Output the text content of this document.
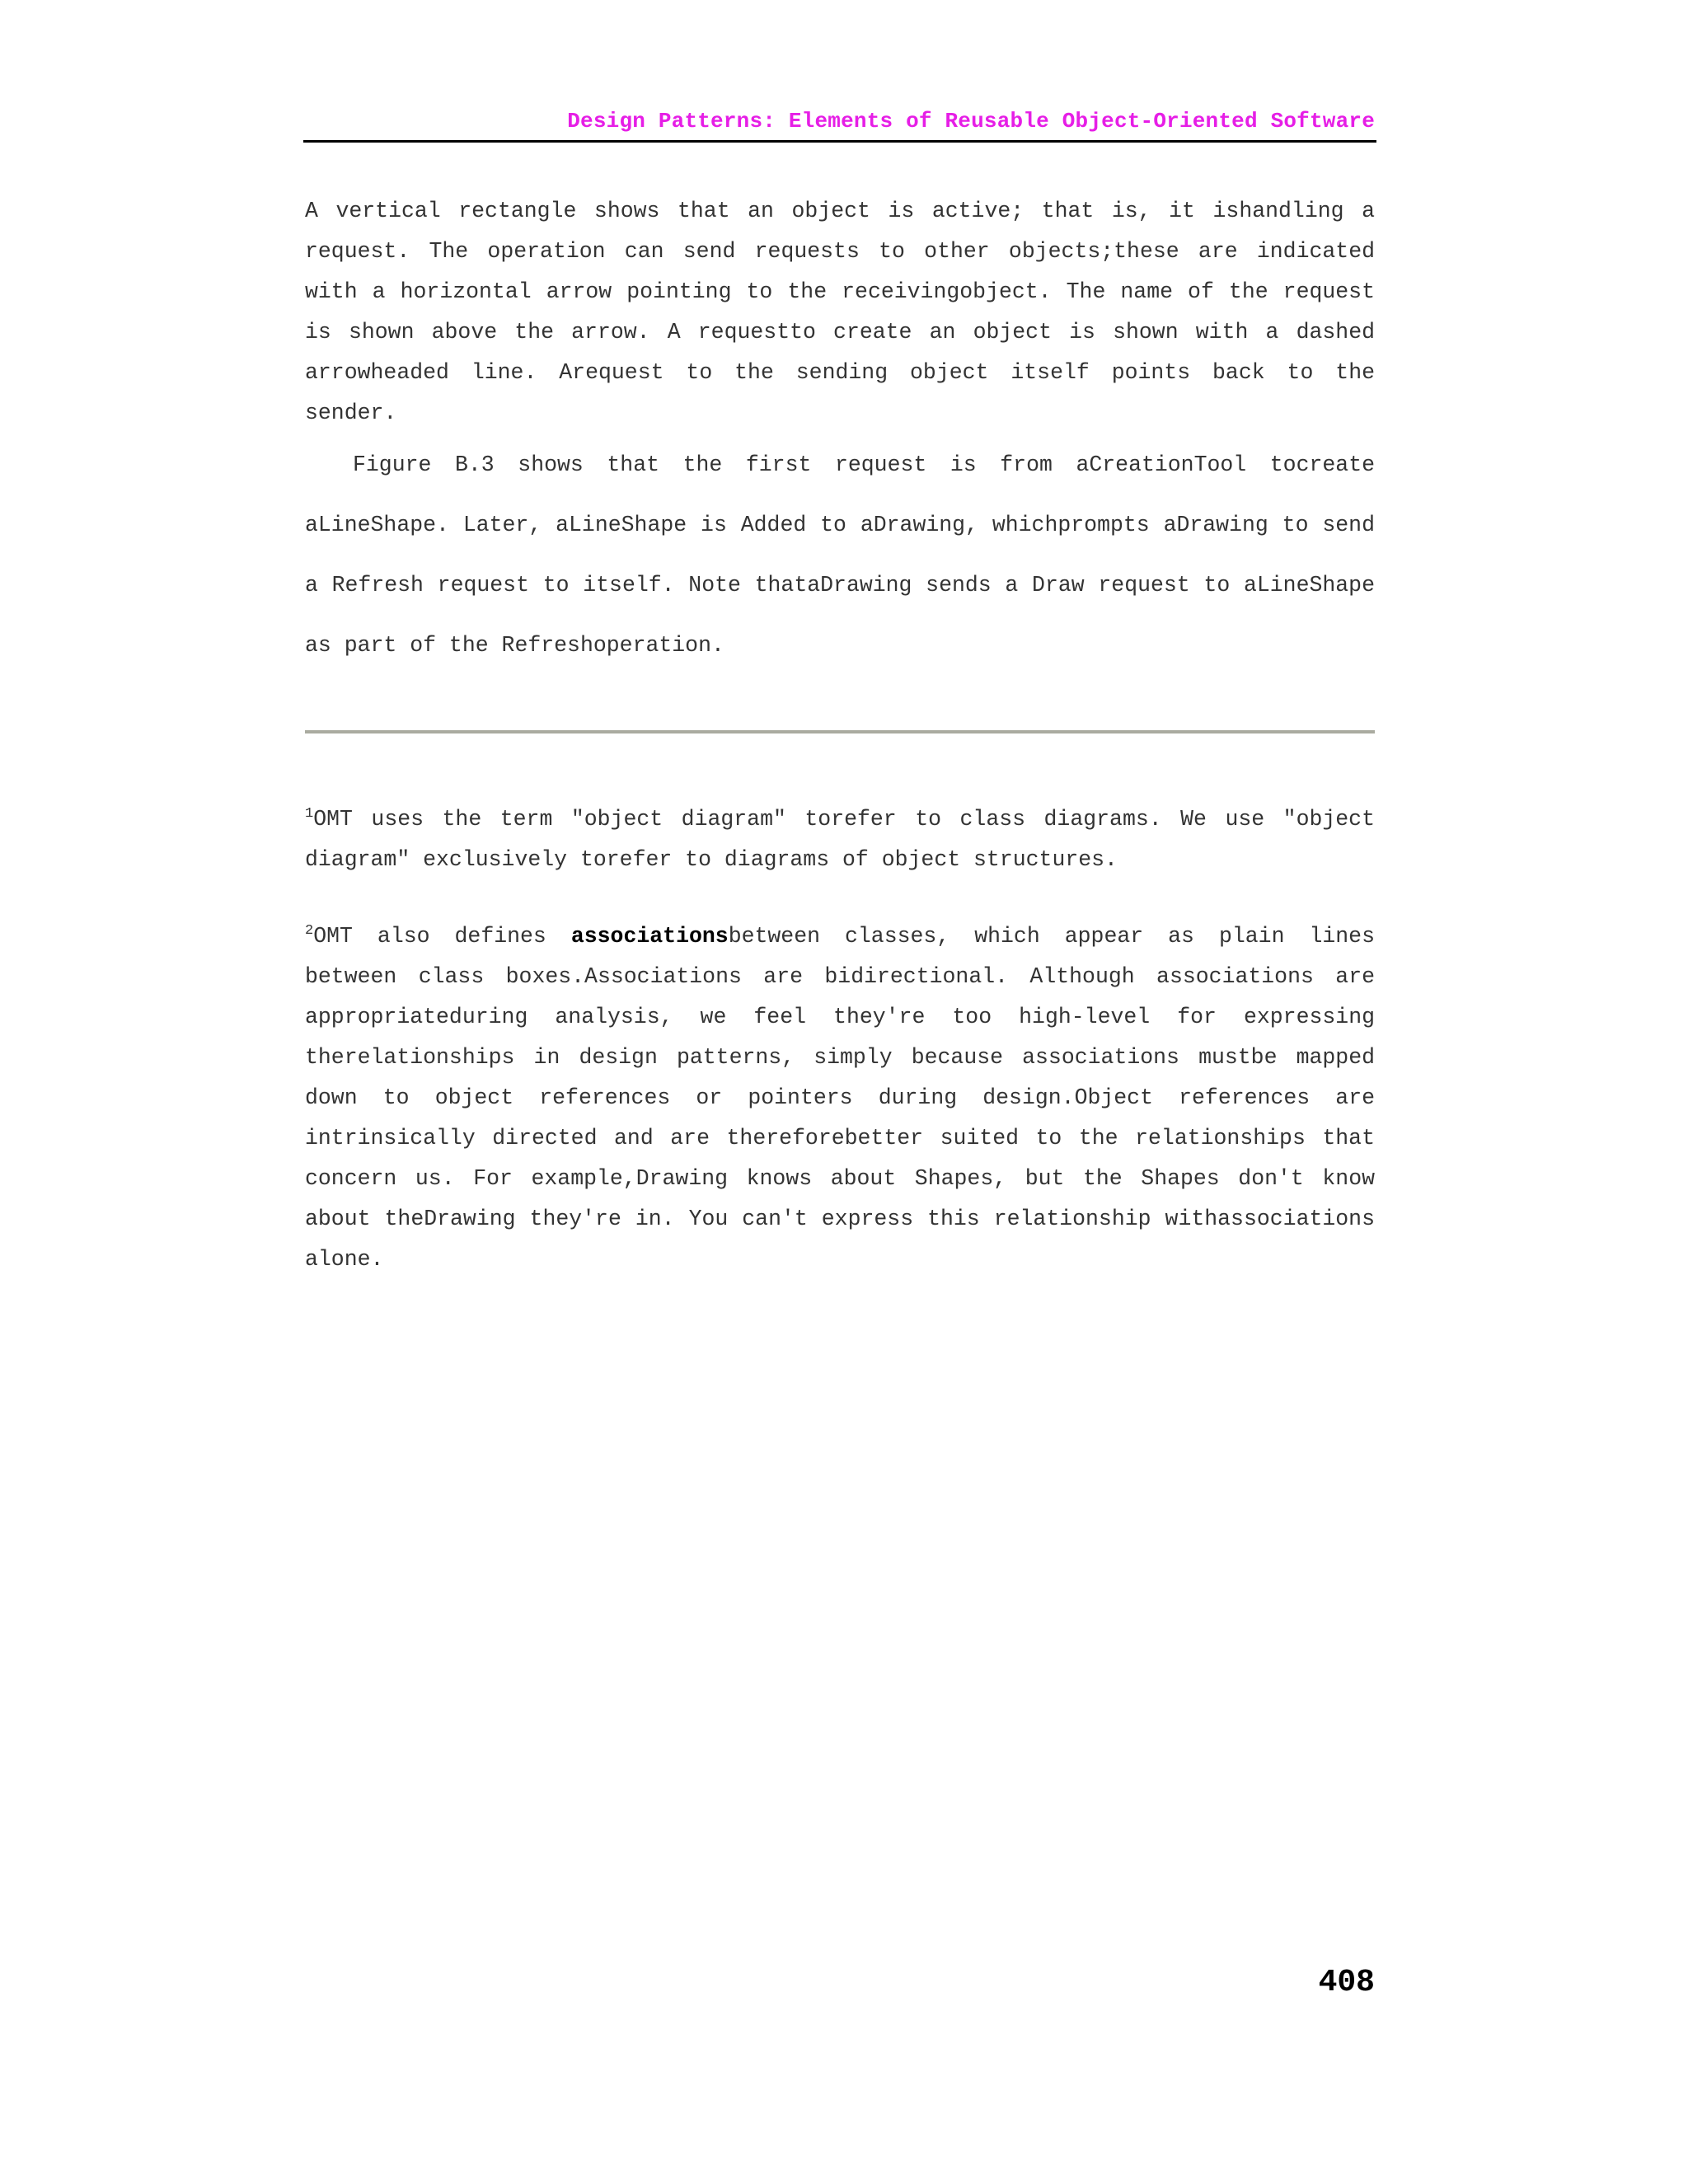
Design Patterns: Elements of Reusable Object-Oriented Software

A vertical rectangle shows that an object is active; that is, it ishandling a request. The operation can send requests to other objects;these are indicated with a horizontal arrow pointing to the receivingobject. The name of the request is shown above the arrow. A requestto create an object is shown with a dashed arrowheaded line. Arequest to the sending object itself points back to the sender.

Figure B.3 shows that the first request is from aCreationTool tocreate aLineShape. Later, aLineShape is Added to aDrawing, whichprompts aDrawing to send a Refresh request to itself. Note thataDrawing sends a Draw request to aLineShape as part of the Refreshoperation.

$^1$OMT uses the term "object diagram" torefer to class diagrams. We use "object diagram" exclusively torefer to diagrams of object structures.

$^2$OMT also defines associationsbetween classes, which appear as plain lines between class boxes.Associations are bidirectional. Although associations are appropriateduring analysis, we feel they're too high-level for expressing therelationships in design patterns, simply because associations mustbe mapped down to object references or pointers during design.Object references are intrinsically directed and are thereforebetter suited to the relationships that concern us. For example,Drawing knows about Shapes, but the Shapes don't know about theDrawing they're in. You can't express this relationship withassociations alone.

408
